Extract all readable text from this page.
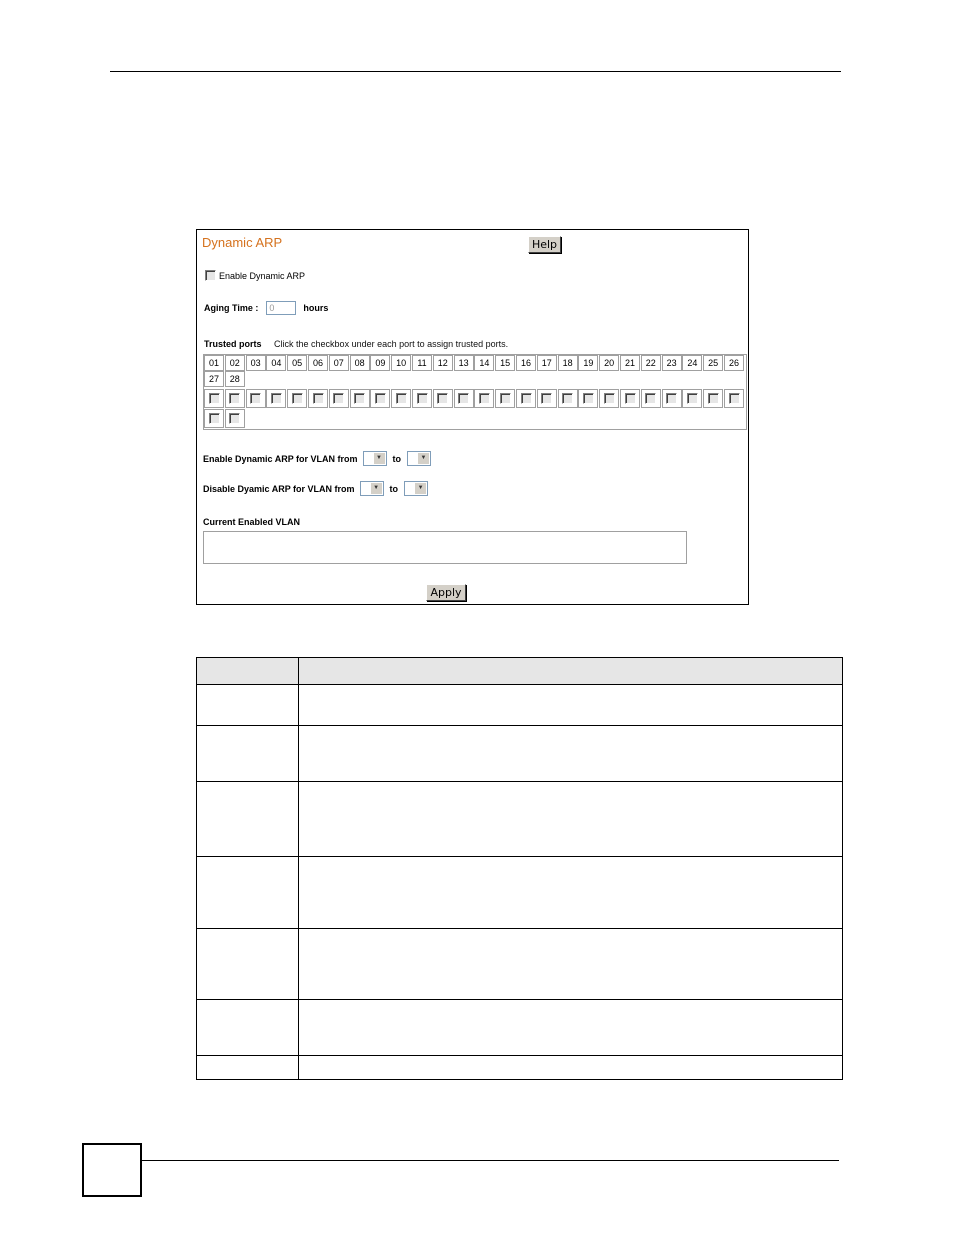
Dynamic ARP	Help
Enable Dynamic ARP
Aging Time :	0	hours
Trusted ports Click the checkbox under each port to assign trusted ports.
01	02	03	04	05	06	07	08	09	10	11	12	13	14	15	16	17	18	19	20	21	22	23	24	25	26
27	28
Enable Dynamic ARP for VLAN from	▼ to	▼
Disable Dyamic ARP for VLAN from	▼ to	▼
Current Enabled VLAN
Apply
